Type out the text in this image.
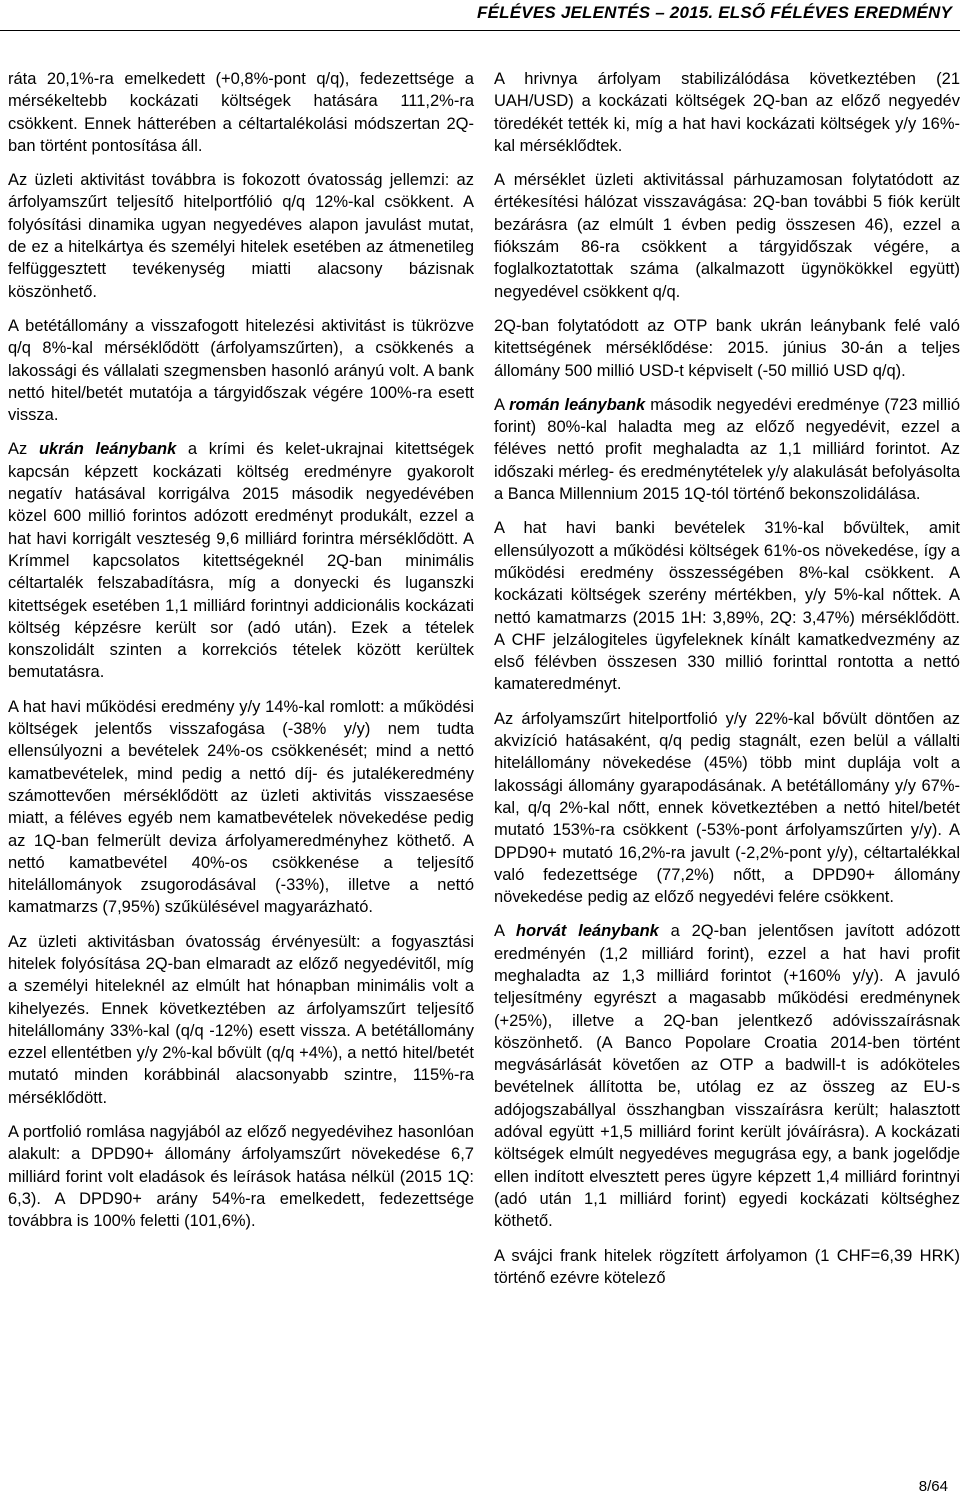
FÉLÉVES JELENTÉS – 2015. ELSŐ FÉLÉVES EREDMÉNY

ráta 20,1%-ra emelkedett (+0,8%-pont q/q), fedezettsége a mérsékeltebb kockázati költségek hatására 111,2%-ra csökkent. Ennek hátterében a céltartalékolási módszertan 2Q-ban történt pontosítása áll.

Az üzleti aktivitást továbbra is fokozott óvatosság jellemzi: az árfolyamszűrt teljesítő hitelportfólió q/q 12%-kal csökkent. A folyósítási dinamika ugyan negyedéves alapon javulást mutat, de ez a hitelkártya és személyi hitelek esetében az átmenetileg felfüggesztett tevékenység miatti alacsony bázisnak köszönhető.

A betétállomány a visszafogott hitelezési aktivitást is tükrözve q/q 8%-kal mérséklődött (árfolyamszűrten), a csökkenés a lakossági és vállalati szegmensben hasonló arányú volt. A bank nettó hitel/betét mutatója a tárgyidőszak végére 100%-ra esett vissza.

Az ukrán leánybank a krími és kelet-ukrajnai kitettségek kapcsán képzett kockázati költség eredményre gyakorolt negatív hatásával korrigálva 2015 második negyedévében közel 600 millió forintos adózott eredményt produkált, ezzel a hat havi korrigált veszteség 9,6 milliárd forintra mérséklődött. A Krímmel kapcsolatos kitettségeknél 2Q-ban minimális céltartalék felszabadításra, míg a donyecki és luganszki kitettségek esetében 1,1 milliárd forintnyi addicionális kockázati költség képzésre került sor (adó után). Ezek a tételek konszolidált szinten a korrekciós tételek között kerültek bemutatásra.

A hat havi működési eredmény y/y 14%-kal romlott: a működési költségek jelentős visszafogása (-38% y/y) nem tudta ellensúlyozni a bevételek 24%-os csökkenését; mind a nettó kamatbevételek, mind pedig a nettó díj- és jutalékeredmény számottevően mérséklődött az üzleti aktivitás visszaesése miatt, a féléves egyéb nem kamatbevételek növekedése pedig az 1Q-ban felmerült deviza árfolyameredményhez köthető. A nettó kamatbevétel 40%-os csökkenése a teljesítő hitelállományok zsugorodásával (-33%), illetve a nettó kamatmarzs (7,95%) szűkülésével magyarázható.

Az üzleti aktivitásban óvatosság érvényesült: a fogyasztási hitelek folyósítása 2Q-ban elmaradt az előző negyedévitől, míg a személyi hiteleknél az elmúlt hat hónapban minimális volt a kihelyezés. Ennek következtében az árfolyamszűrt teljesítő hitelállomány 33%-kal (q/q -12%) esett vissza. A betétállomány ezzel ellentétben y/y 2%-kal bővült (q/q +4%), a nettó hitel/betét mutató minden korábbinál alacsonyabb szintre, 115%-ra mérséklődött.

A portfolió romlása nagyjából az előző negyedévihez hasonlóan alakult: a DPD90+ állomány árfolyamszűrt növekedése 6,7 milliárd forint volt eladások és leírások hatása nélkül (2015 1Q: 6,3). A DPD90+ arány 54%-ra emelkedett, fedezettsége továbbra is 100% feletti (101,6%).

A hrivnya árfolyam stabilizálódása következtében (21 UAH/USD) a kockázati költségek 2Q-ban az előző negyedév töredékét tették ki, míg a hat havi kockázati költségek y/y 16%-kal mérséklődtek.

A mérséklet üzleti aktivitással párhuzamosan folytatódott az értékesítési hálózat visszavágása: 2Q-ban további 5 fiók került bezárásra (az elmúlt 1 évben pedig összesen 46), ezzel a fiókszám 86-ra csökkent a tárgyidőszak végére, a foglalkoztatottak száma (alkalmazott ügynökökkel együtt) negyedével csökkent q/q.

2Q-ban folytatódott az OTP bank ukrán leánybank felé való kitettségének mérséklődése: 2015. június 30-án a teljes állomány 500 millió USD-t képviselt (-50 millió USD q/q).

A román leánybank második negyedévi eredménye (723 millió forint) 80%-kal haladta meg az előző negyedévit, ezzel a féléves nettó profit meghaladta az 1,1 milliárd forintot. Az időszaki mérleg- és eredménytételek y/y alakulását befolyásolta a Banca Millennium 2015 1Q-tól történő bekonszolidálása.

A hat havi banki bevételek 31%-kal bővültek, amit ellensúlyozott a működési költségek 61%-os növekedése, így a működési eredmény összességében 8%-kal csökkent. A kockázati költségek szerény mértékben, y/y 5%-kal nőttek. A nettó kamatmarzs (2015 1H: 3,89%, 2Q: 3,47%) mérséklődött. A CHF jelzálogiteles ügyfeleknek kínált kamatkedvezmény az első félévben összesen 330 millió forinttal rontotta a nettó kamateredményt.

Az árfolyamszűrt hitelportfolió y/y 22%-kal bővült döntően az akvizíció hatásaként, q/q pedig stagnált, ezen belül a vállalti hitelállomány növekedése (45%) több mint duplája volt a lakossági állomány gyarapodásának. A betétállomány y/y 67%-kal, q/q 2%-kal nőtt, ennek következtében a nettó hitel/betét mutató 153%-ra csökkent (-53%-pont árfolyamszűrten y/y). A DPD90+ mutató 16,2%-ra javult (-2,2%-pont y/y), céltartalékkal való fedezettsége (77,2%) nőtt, a DPD90+ állomány növekedése pedig az előző negyedévi felére csökkent.

A horvát leánybank a 2Q-ban jelentősen javított adózott eredményén (1,2 milliárd forint), ezzel a hat havi profit meghaladta az 1,3 milliárd forintot (+160% y/y). A javuló teljesítmény egyrészt a magasabb működési eredménynek (+25%), illetve a 2Q-ban jelentkező adóvisszaírásnak köszönhető. (A Banco Popolare Croatia 2014-ben történt megvásárlását követően az OTP a badwill-t is adóköteles bevételnek állította be, utólag ez az összeg az EU-s adójogszabállyal összhangban visszaírásra került; halasztott adóval együtt +1,5 milliárd forint került jóváírásra). A kockázati költségek elmúlt negyedéves megugrása egy, a bank jogelődje ellen indított elvesztett peres ügyre képzett 1,4 milliárd forintnyi (adó után 1,1 milliárd forint) egyedi kockázati költséghez köthető.

A svájci frank hitelek rögzített árfolyamon (1 CHF=6,39 HRK) történő ezévre kötelező

8/64
